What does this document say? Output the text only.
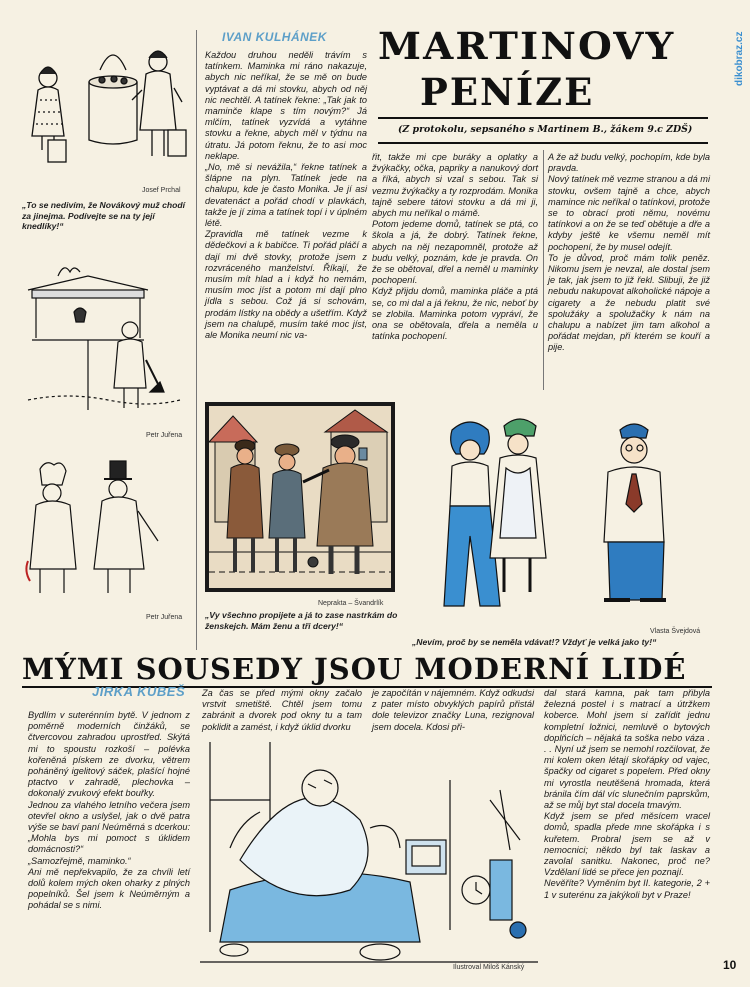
dikobraz.cz
Josef Prchal
„To se nedivím, že Novákový muž chodí za jinejma. Podívejte se na ty její knedlíky!“
Petr Juřena
Petr Juřena
IVAN KULHÁNEK
Každou druhou neděli trávím s tatínkem. Maminka mi ráno nakazuje, abych nic neříkal, že se mě on bude vyptávat a dá mi stovku, abych od něj nic nechtěl. A tatínek řekne: „Tak jak to maminče klape s tím novým?“ Já mlčím, tatínek vyzvídá a vytáhne stovku a řekne, abych měl v týdnu na útratu. Já potom řeknu, že to asi moc neklape.
„No, mě si nevážila,“ řekne tatínek a šlápne na plyn. Tatínek jede na chalupu, kde je často Monika. Je jí asi devatenáct a pořád chodí v plavkách, takže je jí zima a tatínek topí i v úplném létě.
Zpravidla mě tatínek vezme k dědečkovi a k babičce. Ti pořád pláčí a dají mi dvě stovky, protože jsem z rozvráceného manželství. Říkají, že musím mít hlad a i když ho nemám, musím moc jíst a potom mi dají plno jídla s sebou. Což já si schovám, prodám lístky na obědy a ušetřím. Když jsem na chalupě, musím také moc jíst, ale Monika neumí nic va-
MARTINOVY
PENÍZE
(Z protokolu, sepsaného s Martinem B., žákem 9.c ZDŠ)
řit, takže mi cpe buráky a oplatky a žvýkačky, očka, papriky a nanukový dort a říká, abych si vzal s sebou. Tak si vezmu žvýkačky a ty rozprodám. Monika tajně sebere tátovi stovku a dá mi ji, abych mu neříkal o mámě.
Potom jedeme domů, tatínek se ptá, co škola a já, že dobrý. Tatínek řekne, abych na něj nezapomněl, protože až budu velký, poznám, kde je pravda. On že se obětoval, dřel a neměl u maminky pochopení.
Když přijdu domů, maminka pláče a ptá se, co mi dal a já řeknu, že nic, neboť by se zlobila. Maminka potom vypráví, že ona se obětovala, dřela a neměla u tatínka pochopení.
A že až budu velký, pochopím, kde byla pravda.
Nový tatínek mě vezme stranou a dá mi stovku, ovšem tajně a chce, abych mamince nic neříkal o tatínkovi, protože se to obrací proti němu, novému tatínkovi a on že se teď obětuje a dře a kdyby ještě ke všemu neměl mít pochopení, že by musel odejít.
To je důvod, proč mám tolik peněz. Nikomu jsem je nevzal, ale dostal jsem je tak, jak jsem to již řekl. Slibuji, že již nebudu nakupovat alkoholické nápoje a cigarety a že nebudu platit své spolužáky a spolužačky k nám na chalupu a nabízet jim tam alkohol a pořádat mejdan, při kterém se kouří a pije.
Neprakta – Švandrlík
„Vy všechno propijete a já to zase nastrkám do ženskejch. Mám ženu a tři dcery!“
Vlasta Švejdová
„Nevím, proč by se neměla vdávat!? Vždyť je velká jako ty!“
MÝMI SOUSEDY JSOU MODERNÍ LIDÉ
JIRKA KUBEŠ
Bydlím v suterénním bytě. V jednom z poměrně moderních činžáků, se čtvercovou zahradou uprostřed. Skýtá mi to spoustu rozkoší – polévka kořeněná pískem ze dvorku, větrem poháněný igelitový sáček, plašící hojné ptactvo v zahradě, plechovka – dokonalý zvukový efekt bouřky.
Jednou za vlahého letního večera jsem otevřel okno a uslyšel, jak o dvě patra výše se baví paní Neúměrná s dcerkou: „Mohla bys mi pomoct s úklidem domácnosti?“
„Samozřejmě, maminko.“
Ani mě nepřekvapilo, že za chvíli letí dolů kolem mých oken oharky z plných popelníků. Šel jsem k Neúměrným a pohádal se s nimi.
Za čas se před mými okny začalo vrstvit smetiště. Chtěl jsem tomu zabránit a dvorek pod okny tu a tam poklidit a zamést, i když úklid dvorku
je započítán v nájemném. Když odkudsi z pater místo obvyklých papírů přistál dole televizor značky Luna, rezignoval jsem docela. Kdosi při-
dal stará kamna, pak tam přibyla železná postel i s matrací a útržkem koberce. Mohl jsem si zařídit jednu kompletní ložnici, nemluvě o bytových doplňcích – nějaká ta soška nebo váza . . . Nyní už jsem se nemohl rozčilovat, že mi kolem oken létají skořápky od vajec, špačky od cigaret s popelem. Před okny mi vyrostla neutěšená hromada, která bránila čím dál víc slunečním paprskům, až se můj byt stal docela tmavým.
Když jsem se před měsícem vracel domů, spadla přede mne skořápka i s kuřetem. Probral jsem se až v nemocnici; někdo byl tak laskav a zavolal sanitku. Nakonec, proč ne? Vzdělaní lidé se přece jen poznají.
Nevěříte? Vyměním byt II. kategorie, 2 + 1 v suterénu za jakýkoli byt v Praze!
Ilustroval Miloš Kánský	10
